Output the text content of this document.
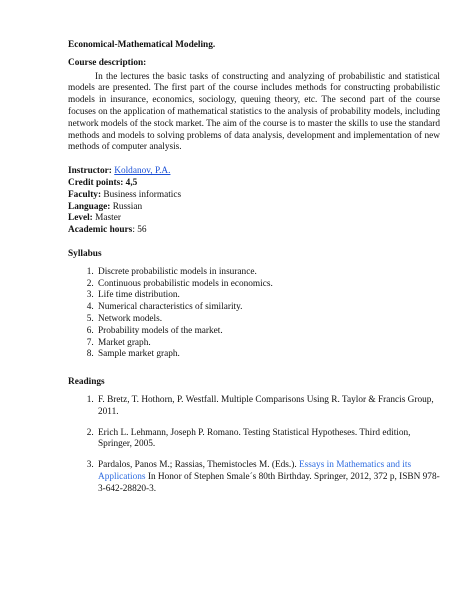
Economical-Mathematical Modeling.
Course description:

In the lectures the basic tasks of constructing and analyzing of probabilistic and statistical models are presented. The first part of the course includes methods for constructing probabilistic models in insurance, economics, sociology, queuing theory, etc. The second part of the course focuses on the application of mathematical statistics to the analysis of probability models, including network models of the stock market. The aim of the course is to master the skills to use the standard methods and models to solving problems of data analysis, development and implementation of new methods of computer analysis.

Instructor: Koldanov, P.A.

Credit points: 4,5

Faculty: Business informatics

Language: Russian

Level: Master

Academic hours: 56

Syllabus
1. Discrete probabilistic models in insurance.
2. Continuous probabilistic models in economics.
3. Life time distribution.
4. Numerical characteristics of similarity.
5. Network models.
6. Probability models of the market.
7. Market graph.
8. Sample market graph.
Readings
1. F. Bretz, T. Hothorn, P. Westfall. Multiple Comparisons Using R. Taylor & Francis Group, 2011.
2. Erich L. Lehmann, Joseph P. Romano. Testing Statistical Hypotheses. Third edition, Springer, 2005.
3. Pardalos, Panos M.; Rassias, Themistocles M. (Eds.). Essays in Mathematics and its Applications In Honor of Stephen Smale´s 80th Birthday. Springer, 2012, 372 p, ISBN 978-3-642-28820-3.
